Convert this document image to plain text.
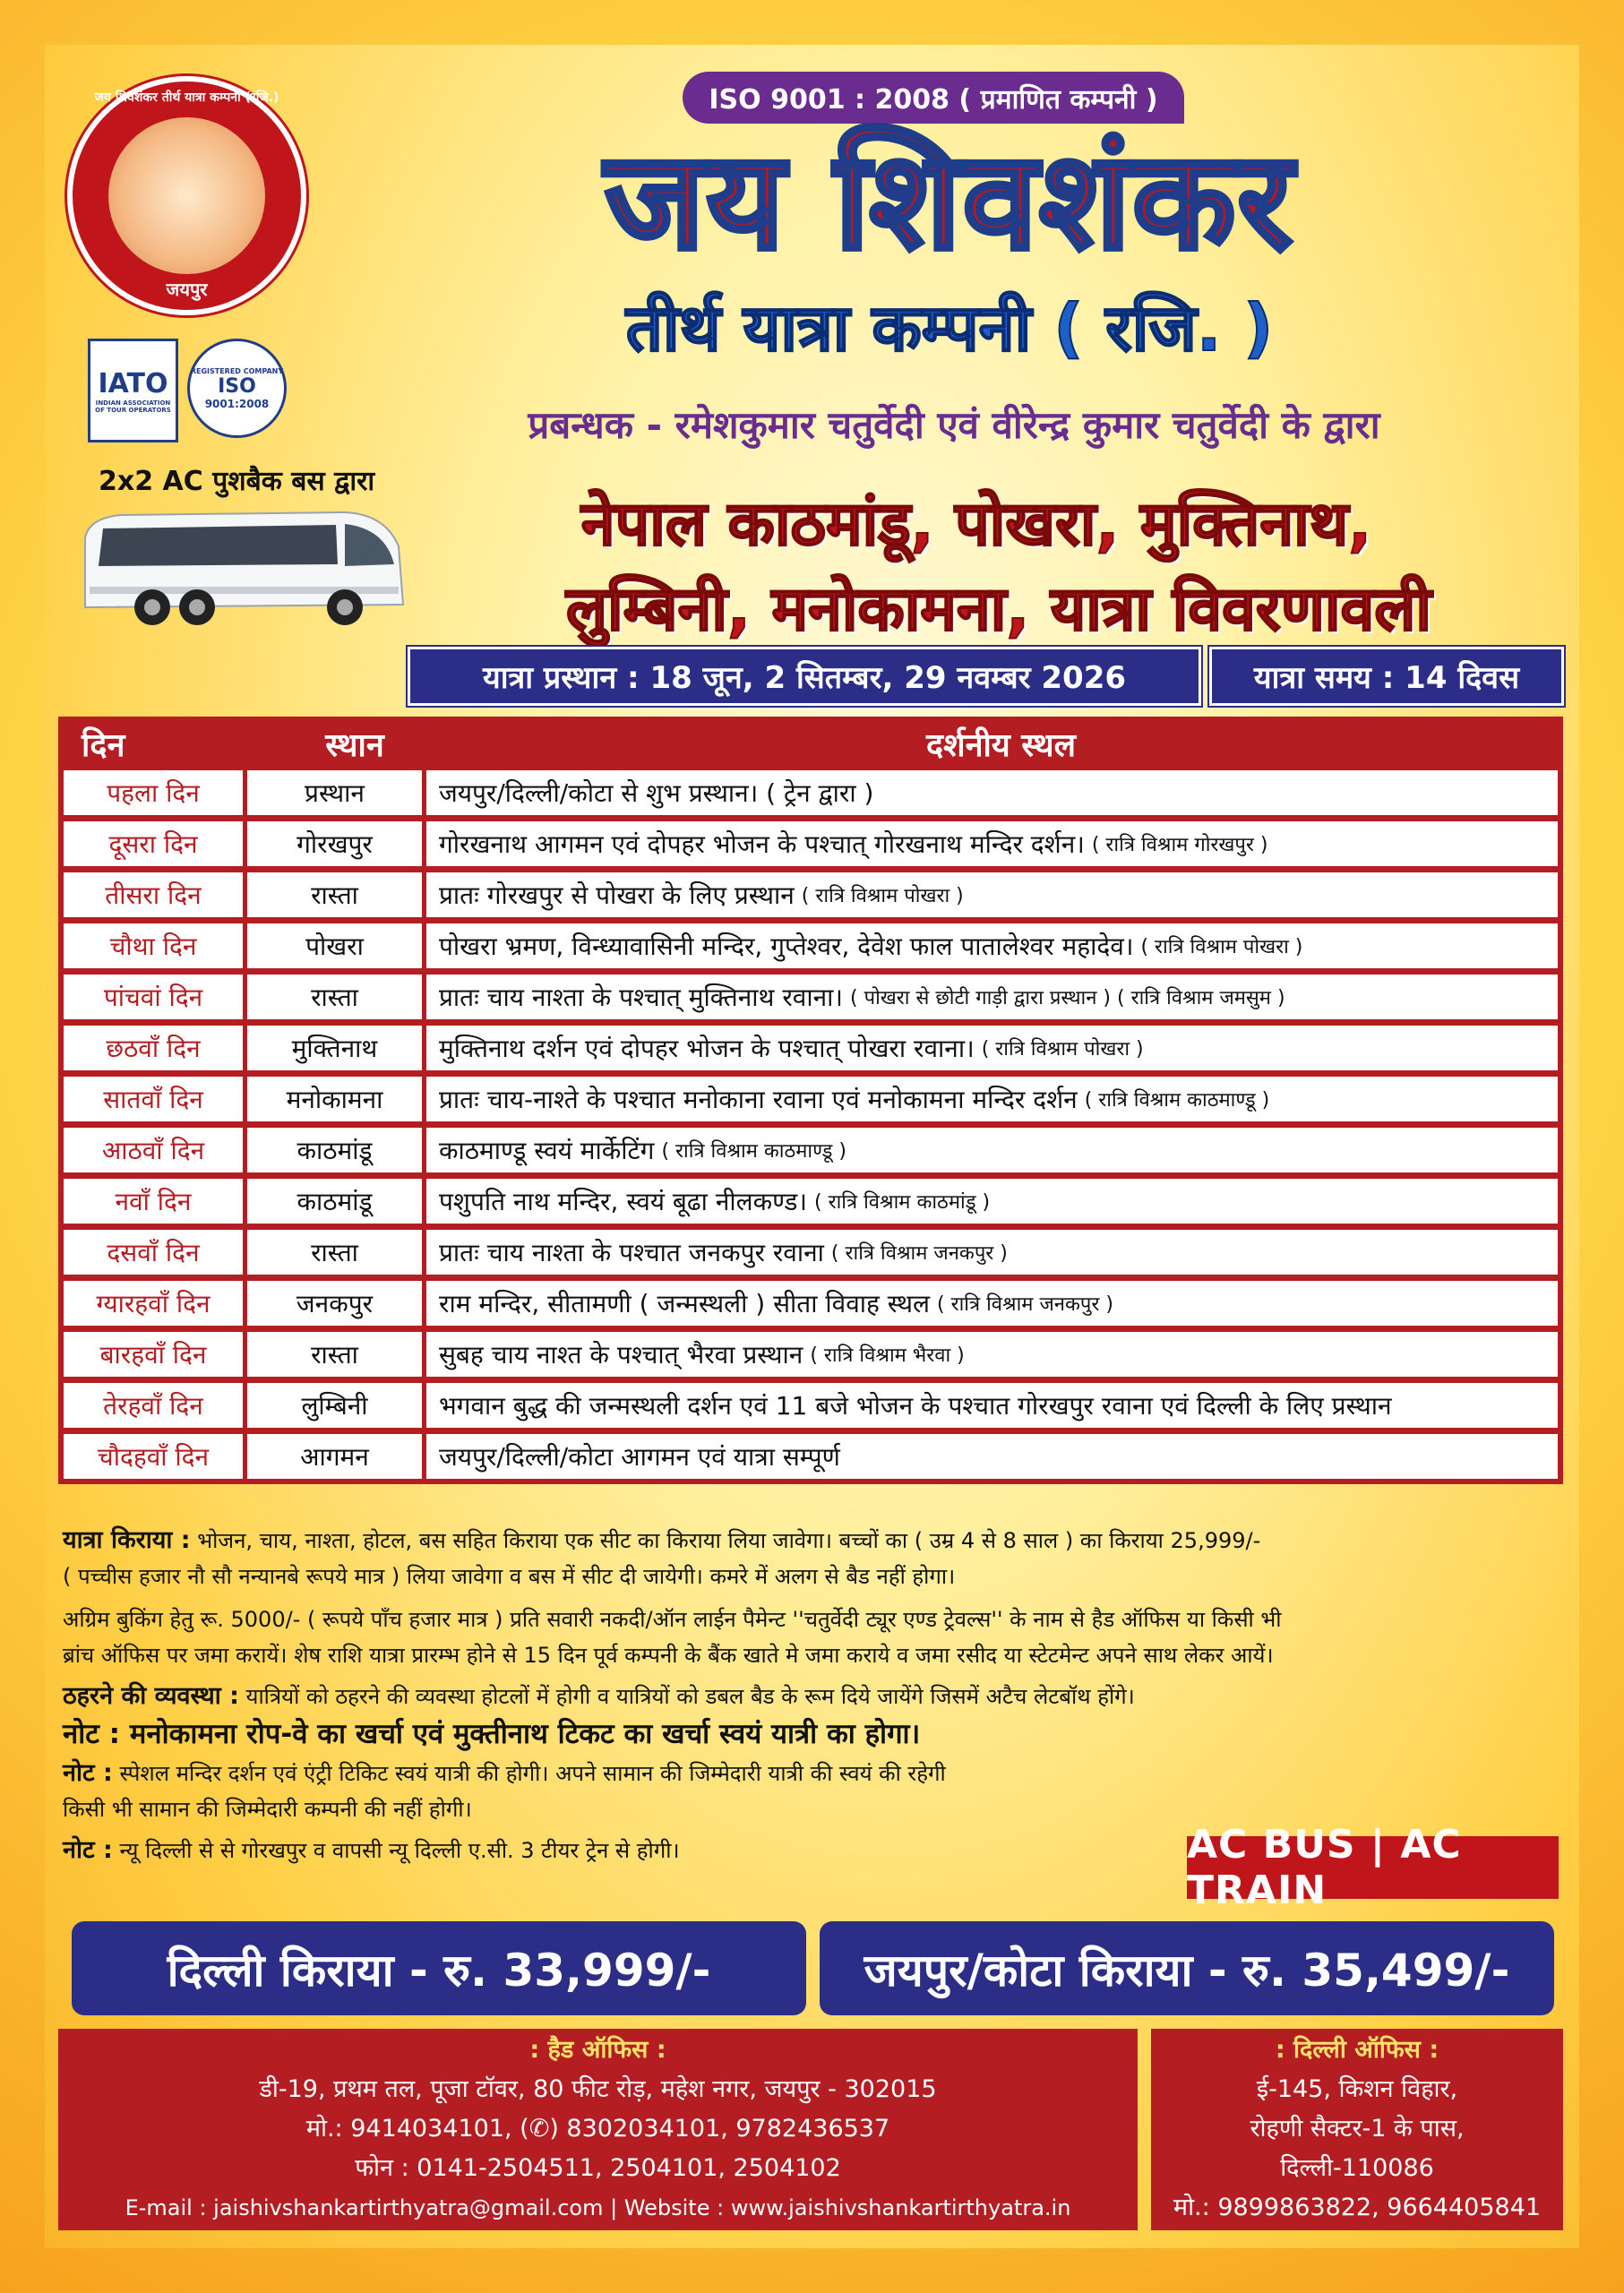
ISO 9001 : 2008 ( प्रमाणित कम्पनी )
जय शिवशंकर तीर्थ यात्रा कम्पनी (रजि.)
जयपुर
IATO
INDIAN ASSOCIATION OF TOUR OPERATORS
REGISTERED COMPANY
ISO
9001:2008
2x2 AC पुशबैक बस द्वारा
जय शिवशंकर
तीर्थ यात्रा कम्पनी ( रजि. )
प्रबन्धक - रमेशकुमार चतुर्वेदी एवं वीरेन्द्र कुमार चतुर्वेदी के द्वारा
नेपाल काठमांडू, पोखरा, मुक्तिनाथ,
लुम्बिनी, मनोकामना, यात्रा विवरणावली
यात्रा प्रस्थान : 18 जून, 2 सितम्बर, 29 नवम्बर 2026	यात्रा समय : 14 दिवस
दिन	स्थान	दर्शनीय स्थल
पहला दिन	प्रस्थान	जयपुर/दिल्ली/कोटा से शुभ प्रस्थान। ( ट्रेन द्वारा )
दूसरा दिन	गोरखपुर	गोरखनाथ आगमन एवं दोपहर भोजन के पश्चात् गोरखनाथ मन्दिर दर्शन। ( रात्रि विश्राम गोरखपुर )
तीसरा दिन	रास्ता	प्रातः गोरखपुर से पोखरा के लिए प्रस्थान ( रात्रि विश्राम पोखरा )
चौथा दिन	पोखरा	पोखरा भ्रमण, विन्ध्यावासिनी मन्दिर, गुप्तेश्वर, देवेश फाल पातालेश्वर महादेव। ( रात्रि विश्राम पोखरा )
पांचवां दिन	रास्ता	प्रातः चाय नाश्ता के पश्चात् मुक्तिनाथ रवाना। ( पोखरा से छोटी गाड़ी द्वारा प्रस्थान ) ( रात्रि विश्राम जमसुम )
छठवाँ दिन	मुक्तिनाथ	मुक्तिनाथ दर्शन एवं दोपहर भोजन के पश्चात् पोखरा रवाना। ( रात्रि विश्राम पोखरा )
सातवाँ दिन	मनोकामना	प्रातः चाय-नाश्ते के पश्चात मनोकाना रवाना एवं मनोकामना मन्दिर दर्शन ( रात्रि विश्राम काठमाण्डू )
आठवाँ दिन	काठमांडू	काठमाण्डू स्वयं मार्केटिंग ( रात्रि विश्राम काठमाण्डू )
नवाँ दिन	काठमांडू	पशुपति नाथ मन्दिर, स्वयं बूढा नीलकण्ड। ( रात्रि विश्राम काठमांडू )
दसवाँ दिन	रास्ता	प्रातः चाय नाश्ता के पश्चात जनकपुर रवाना ( रात्रि विश्राम जनकपुर )
ग्यारहवाँ दिन	जनकपुर	राम मन्दिर, सीतामणी ( जन्मस्थली ) सीता विवाह स्थल ( रात्रि विश्राम जनकपुर )
बारहवाँ दिन	रास्ता	सुबह चाय नाश्त के पश्चात् भैरवा प्रस्थान ( रात्रि विश्राम भैरवा )
तेरहवाँ दिन	लुम्बिनी	भगवान बुद्ध की जन्मस्थली दर्शन एवं 11 बजे भोजन के पश्चात गोरखपुर रवाना एवं दिल्ली के लिए प्रस्थान
चौदहवाँ दिन	आगमन	जयपुर/दिल्ली/कोटा आगमन एवं यात्रा सम्पूर्ण

यात्रा किराया : भोजन, चाय, नाश्ता, होटल, बस सहित किराया एक सीट का किराया लिया जावेगा। बच्चों का ( उम्र 4 से 8 साल ) का किराया 25,999/-

( पच्चीस हजार नौ सौ नन्यानबे रूपये मात्र ) लिया जावेगा व बस में सीट दी जायेगी। कमरे में अलग से बैड नहीं होगा।

अग्रिम बुकिंग हेतु रू. 5000/- ( रूपये पाँच हजार मात्र ) प्रति सवारी नकदी/ऑन लाईन पैमेन्ट ''चतुर्वेदी ट्यूर एण्ड ट्रेवल्स'' के नाम से हैड ऑफिस या किसी भी

ब्रांच ऑफिस पर जमा करायें। शेष राशि यात्रा प्रारम्भ होने से 15 दिन पूर्व कम्पनी के बैंक खाते मे जमा कराये व जमा रसीद या स्टेटमेन्ट अपने साथ लेकर आयें।

ठहरने की व्यवस्था : यात्रियों को ठहरने की व्यवस्था होटलों में होगी व यात्रियों को डबल बैड के रूम दिये जायेंगे जिसमें अटैच लेटबॉथ होंगे।

नोट : मनोकामना रोप-वे का खर्चा एवं मुक्तीनाथ टिकट का खर्चा स्वयं यात्री का होगा।

नोट : स्पेशल मन्दिर दर्शन एवं एंट्री टिकिट स्वयं यात्री की होगी। अपने सामान की जिम्मेदारी यात्री की स्वयं की रहेगी

किसी भी सामान की जिम्मेदारी कम्पनी की नहीं होगी।

नोट : न्यू दिल्ली से से गोरखपुर व वापसी न्यू दिल्ली ए.सी. 3 टीयर ट्रेन से होगी।	AC BUS | AC TRAIN
दिल्ली किराया - रु. 33,999/-	जयपुर/कोटा किराया - रु. 35,499/-
: हैड ऑफिस :
डी-19, प्रथम तल, पूजा टॉवर, 80 फीट रोड़, महेश नगर, जयपुर - 302015
मो.: 9414034101, (✆) 8302034101, 9782436537
फोन : 0141-2504511, 2504101, 2504102
E-mail : jaishivshankartirthyatra@gmail.com | Website : www.jaishivshankartirthyatra.in
: दिल्ली ऑफिस :
ई-145, किशन विहार,
रोहणी सैक्टर-1 के पास,
दिल्ली-110086
मो.: 9899863822, 9664405841
